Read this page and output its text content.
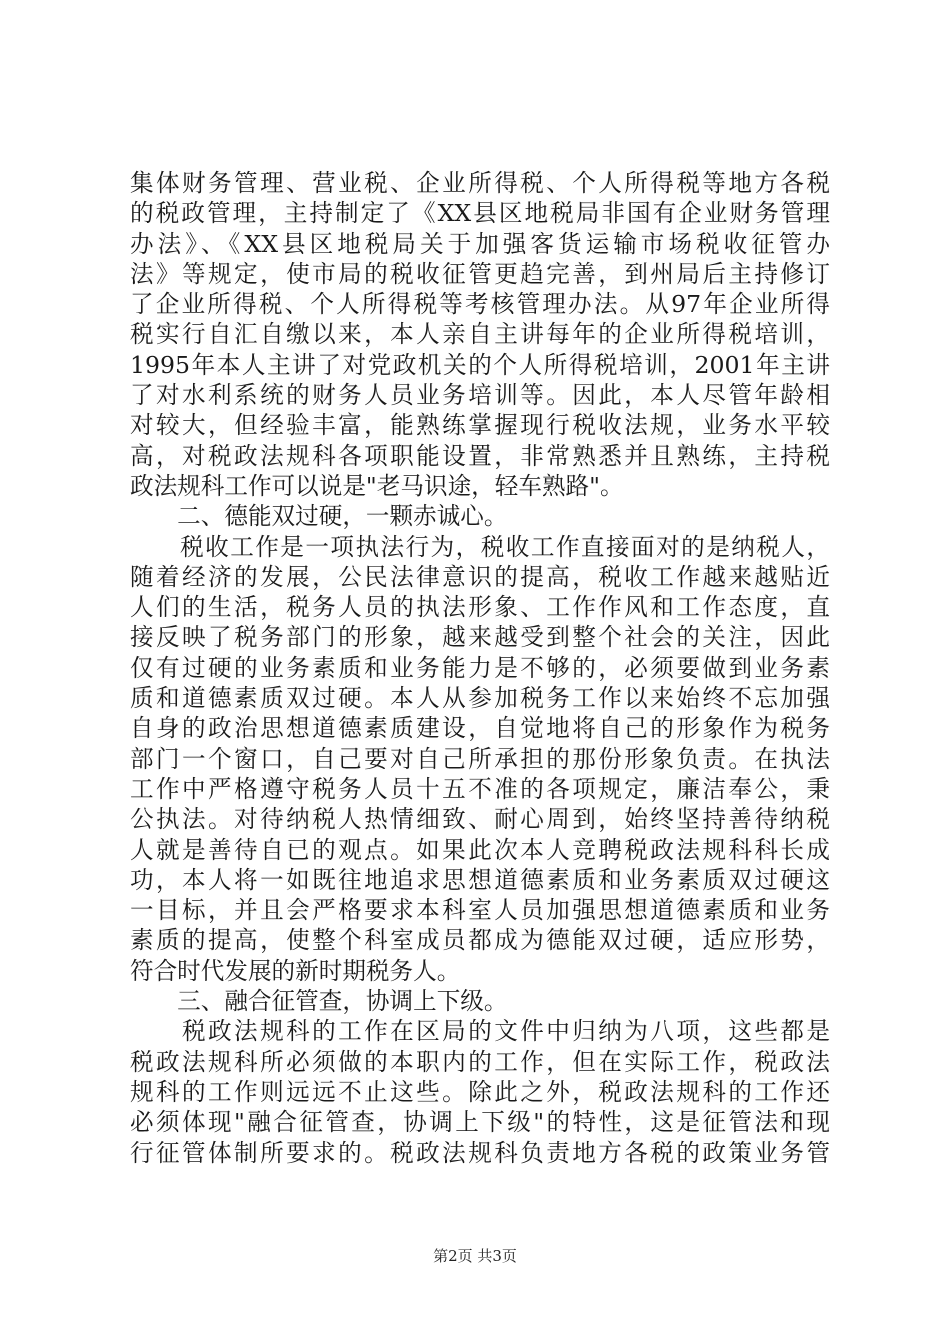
集体财务管理、营业税、企业所得税、个人所得税等地方各税
的税政管理，主持制定了《XX县区地税局非国有企业财务管理
办法》、《XX县区地税局关于加强客货运输市场税收征管办
法》等规定，使市局的税收征管更趋完善，到州局后主持修订
了企业所得税、个人所得税等考核管理办法。从97年企业所得
税实行自汇自缴以来，本人亲自主讲每年的企业所得税培训，
1995年本人主讲了对党政机关的个人所得税培训，2001年主讲
了对水利系统的财务人员业务培训等。因此，本人尽管年龄相
对较大，但经验丰富，能熟练掌握现行税收法规，业务水平较
高，对税政法规科各项职能设置，非常熟悉并且熟练，主持税
政法规科工作可以说是"老马识途，轻车熟路"。
　　二、德能双过硬，一颗赤诚心。
　　税收工作是一项执法行为，税收工作直接面对的是纳税人，
随着经济的发展，公民法律意识的提高，税收工作越来越贴近
人们的生活，税务人员的执法形象、工作作风和工作态度，直
接反映了税务部门的形象，越来越受到整个社会的关注，因此
仅有过硬的业务素质和业务能力是不够的，必须要做到业务素
质和道德素质双过硬。本人从参加税务工作以来始终不忘加强
自身的政治思想道德素质建设，自觉地将自己的形象作为税务
部门一个窗口，自己要对自己所承担的那份形象负责。在执法
工作中严格遵守税务人员十五不准的各项规定，廉洁奉公，秉
公执法。对待纳税人热情细致、耐心周到，始终坚持善待纳税
人就是善待自已的观点。如果此次本人竞聘税政法规科科长成
功，本人将一如既往地追求思想道德素质和业务素质双过硬这
一目标，并且会严格要求本科室人员加强思想道德素质和业务
素质的提高，使整个科室成员都成为德能双过硬，适应形势，
符合时代发展的新时期税务人。
　　三、融合征管查，协调上下级。
　　税政法规科的工作在区局的文件中归纳为八项，这些都是
税政法规科所必须做的本职内的工作，但在实际工作，税政法
规科的工作则远远不止这些。除此之外，税政法规科的工作还
必须体现"融合征管查，协调上下级"的特性，这是征管法和现
行征管体制所要求的。税政法规科负责地方各税的政策业务管
第2页 共3页
